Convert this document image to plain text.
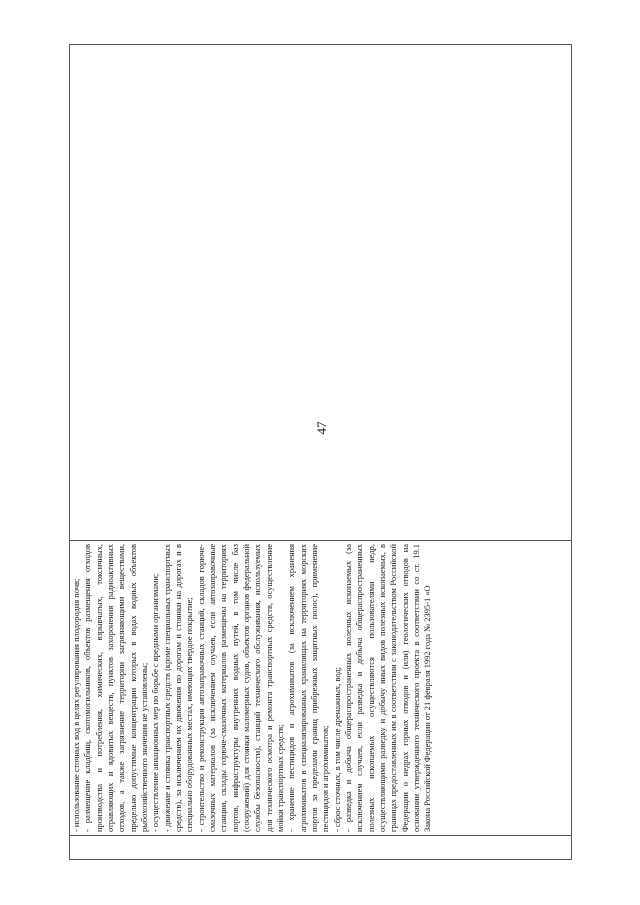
47

- использование сточных вод в целях регулирования плодородия почв; - размещение кладбищ, скотомогильников, объектов размещения отходов производства и потребления, химических, взрывчатых, токсичных, отравляющих и ядовитых веществ, пунктов захоронения радиоактивных отходов, а также загрязнение территории загрязняющими веществами, предельно допустимые концентрации которых в водах водных объектов рыбохозяйственного значения не установлены; - осуществление авиационных мер по борьбе с вредными организмами; - движение и стоянка транспортных средств (кроме специальных транспортных средств), за исключением их движения по дорогам и стоянки на дорогах и в специально оборудованных местах, имеющих твердое покрытие; - строительство и реконструкция автозаправочных станций, складов горюче-смазочных материалов (за исключением случаев, если автозаправочные станции, склады горюче-смазочных материалов размещены на территориях портов, инфраструктуры внутренних водных путей, в том числе баз (сооружений) для стоянки маломерных судов, объектов органов федеральной службы безопасности), станций технического обслуживания, используемых для технического осмотра и ремонта транспортных средств, осуществление мойки транспортных средств; - хранение пестицидов и агрохимикатов (за исключением хранения агрохимикатов в специализированных хранилищах на территориях морских портов за пределами границ прибрежных защитных полос), применение пестицидов и агрохимикатов; - сброс сточных, в том числе дренажных, вод; - разведка и добыча общераспространенных полезных ископаемых (за исключением случаев, если разведка и добыча общераспространенных полезных ископаемых осуществляются пользователями недр, осуществляющими разведку и добычу иных видов полезных ископаемых, в границах предоставленных им в соответствии с законодательством Российской Федерации о недрах горных отводов и (или) геологических отводов на основании утвержденного технического проекта в соответствии со ст. 19.1 Закона Российской Федерации от 21 февраля 1992 года № 2395-1 «О
